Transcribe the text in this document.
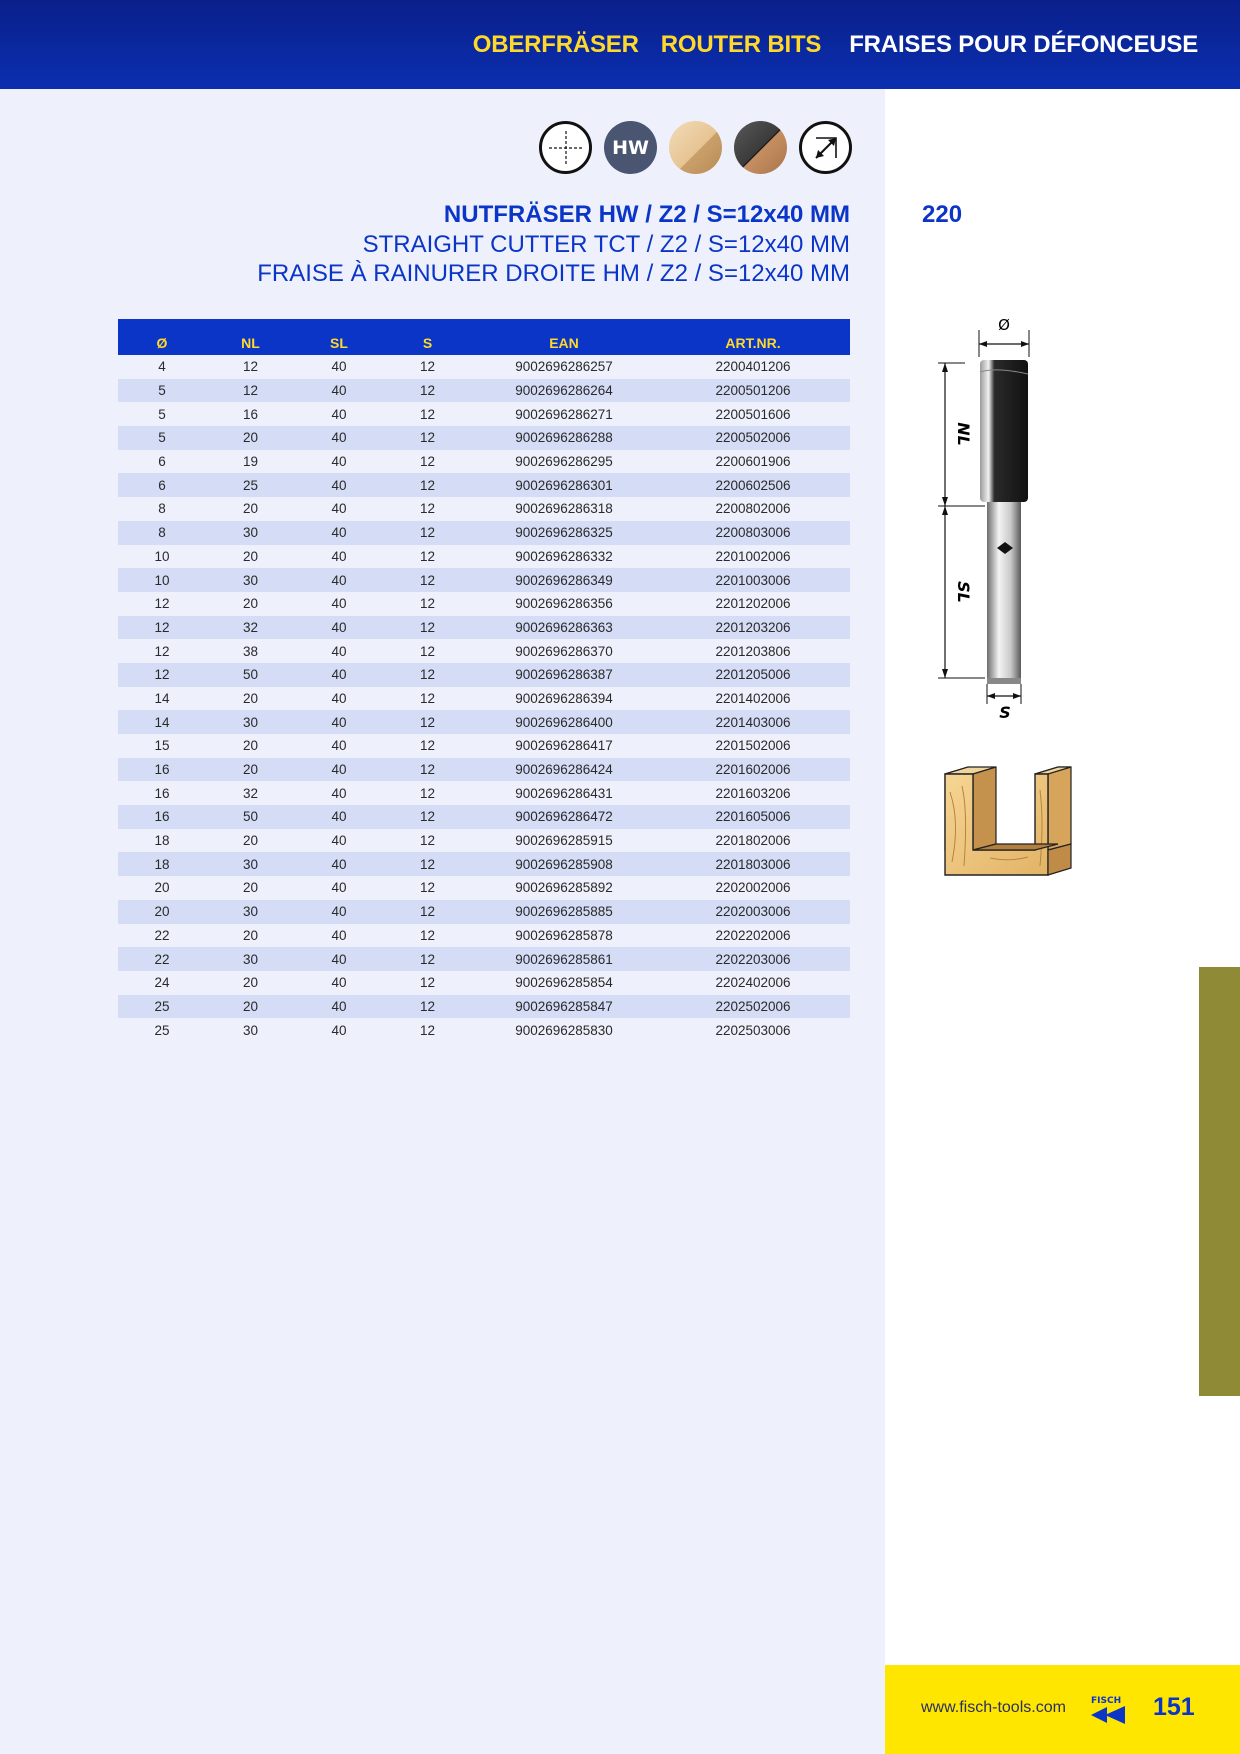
OBERFRÄSER ROUTER BITS FRAISES POUR DÉFONCEUSE
HW
NUTFRÄSER HW / Z2 / S=12x40 MM
STRAIGHT CUTTER TCT / Z2 / S=12x40 MM
FRAISE À RAINURER DROITE HM / Z2 / S=12x40 MM
220
Ø	NL	SL	S	EAN	ART.NR.
4	12	40	12	9002696286257	2200401206
5	12	40	12	9002696286264	2200501206
5	16	40	12	9002696286271	2200501606
5	20	40	12	9002696286288	2200502006
6	19	40	12	9002696286295	2200601906
6	25	40	12	9002696286301	2200602506
8	20	40	12	9002696286318	2200802006
8	30	40	12	9002696286325	2200803006
10	20	40	12	9002696286332	2201002006
10	30	40	12	9002696286349	2201003006
12	20	40	12	9002696286356	2201202006
12	32	40	12	9002696286363	2201203206
12	38	40	12	9002696286370	2201203806
12	50	40	12	9002696286387	2201205006
14	20	40	12	9002696286394	2201402006
14	30	40	12	9002696286400	2201403006
15	20	40	12	9002696286417	2201502006
16	20	40	12	9002696286424	2201602006
16	32	40	12	9002696286431	2201603206
16	50	40	12	9002696286472	2201605006
18	20	40	12	9002696285915	2201802006
18	30	40	12	9002696285908	2201803006
20	20	40	12	9002696285892	2202002006
20	30	40	12	9002696285885	2202003006
22	20	40	12	9002696285878	2202202006
22	30	40	12	9002696285861	2202203006
24	20	40	12	9002696285854	2202402006
25	20	40	12	9002696285847	2202502006
25	30	40	12	9002696285830	2202503006
Ø
NL
SL
S
www.fisch-tools.com	FISCH 151
